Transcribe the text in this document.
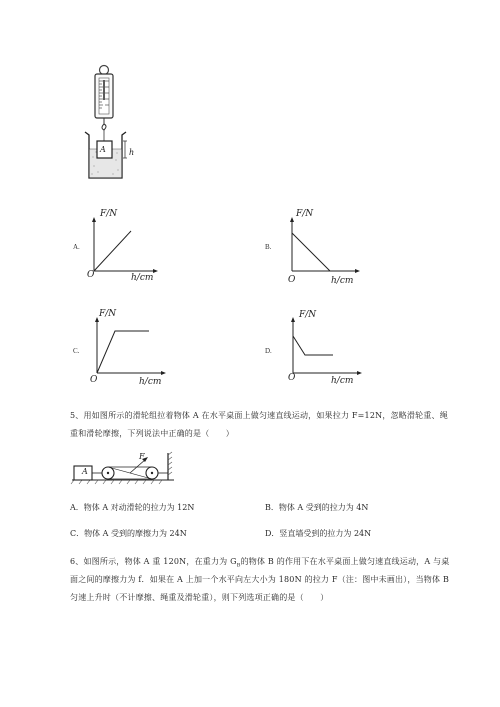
A	h
A.
F/N
O	h/cm
B.
F/N
O	h/cm
C.
F/N
O	h/cm
D.
F/N
O	h/cm
5、用如图所示的滑轮组拉着物体 A 在水平桌面上做匀速直线运动，如果拉力 F=12N，忽略滑轮重、绳
重和滑轮摩擦，下列说法中正确的是（　　）
A
F
A．物体 A 对动滑轮的拉力为 12N	B．物体 A 受到的拉力为 4N
C．物体 A 受到的摩擦力为 24N	D．竖直墙受到的拉力为 24N
6、如图所示，物体 A 重 120N，在重力为 $G_B$的物体 B 的作用下在水平桌面上做匀速直线运动，A 与桌
面之间的摩擦力为 f．如果在 A 上加一个水平向左大小为 180N 的拉力 F（注：图中未画出），当物体 B
匀速上升时（不计摩擦、绳重及滑轮重），则下列选项正确的是（　　）
